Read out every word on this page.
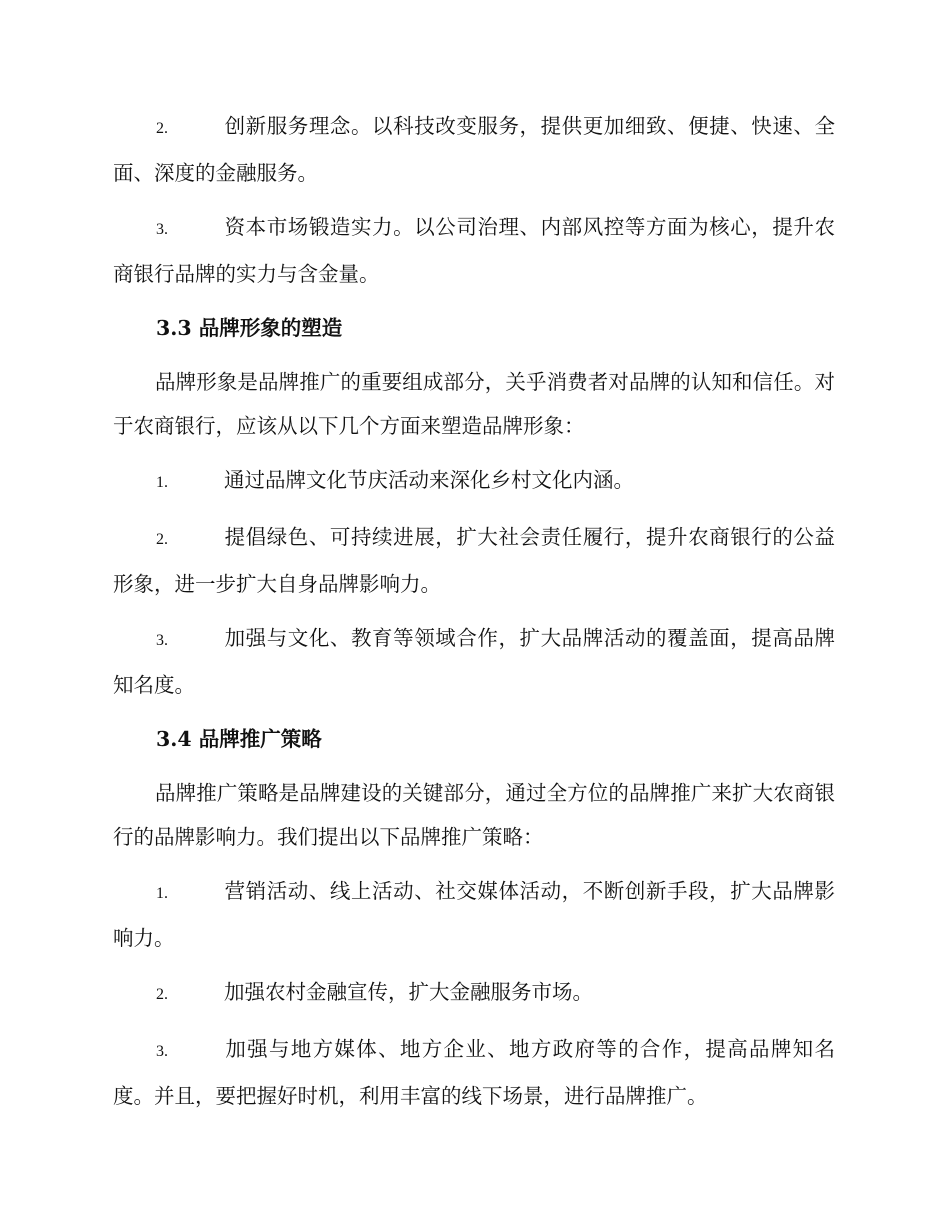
2.	创新服务理念。以科技改变服务，提供更加细致、便捷、快速、全面、深度的金融服务。

3.	资本市场锻造实力。以公司治理、内部风控等方面为核心，提升农商银行品牌的实力与含金量。

3.3 品牌形象的塑造

品牌形象是品牌推广的重要组成部分，关乎消费者对品牌的认知和信任。对于农商银行，应该从以下几个方面来塑造品牌形象：

1.	通过品牌文化节庆活动来深化乡村文化内涵。

2.	提倡绿色、可持续进展，扩大社会责任履行，提升农商银行的公益形象，进一步扩大自身品牌影响力。

3.	加强与文化、教育等领域合作，扩大品牌活动的覆盖面，提高品牌知名度。

3.4 品牌推广策略

品牌推广策略是品牌建设的关键部分，通过全方位的品牌推广来扩大农商银行的品牌影响力。我们提出以下品牌推广策略：

1.	营销活动、线上活动、社交媒体活动，不断创新手段，扩大品牌影响力。

2.	加强农村金融宣传，扩大金融服务市场。

3.	加强与地方媒体、地方企业、地方政府等的合作，提高品牌知名度。并且，要把握好时机，利用丰富的线下场景，进行品牌推广。
